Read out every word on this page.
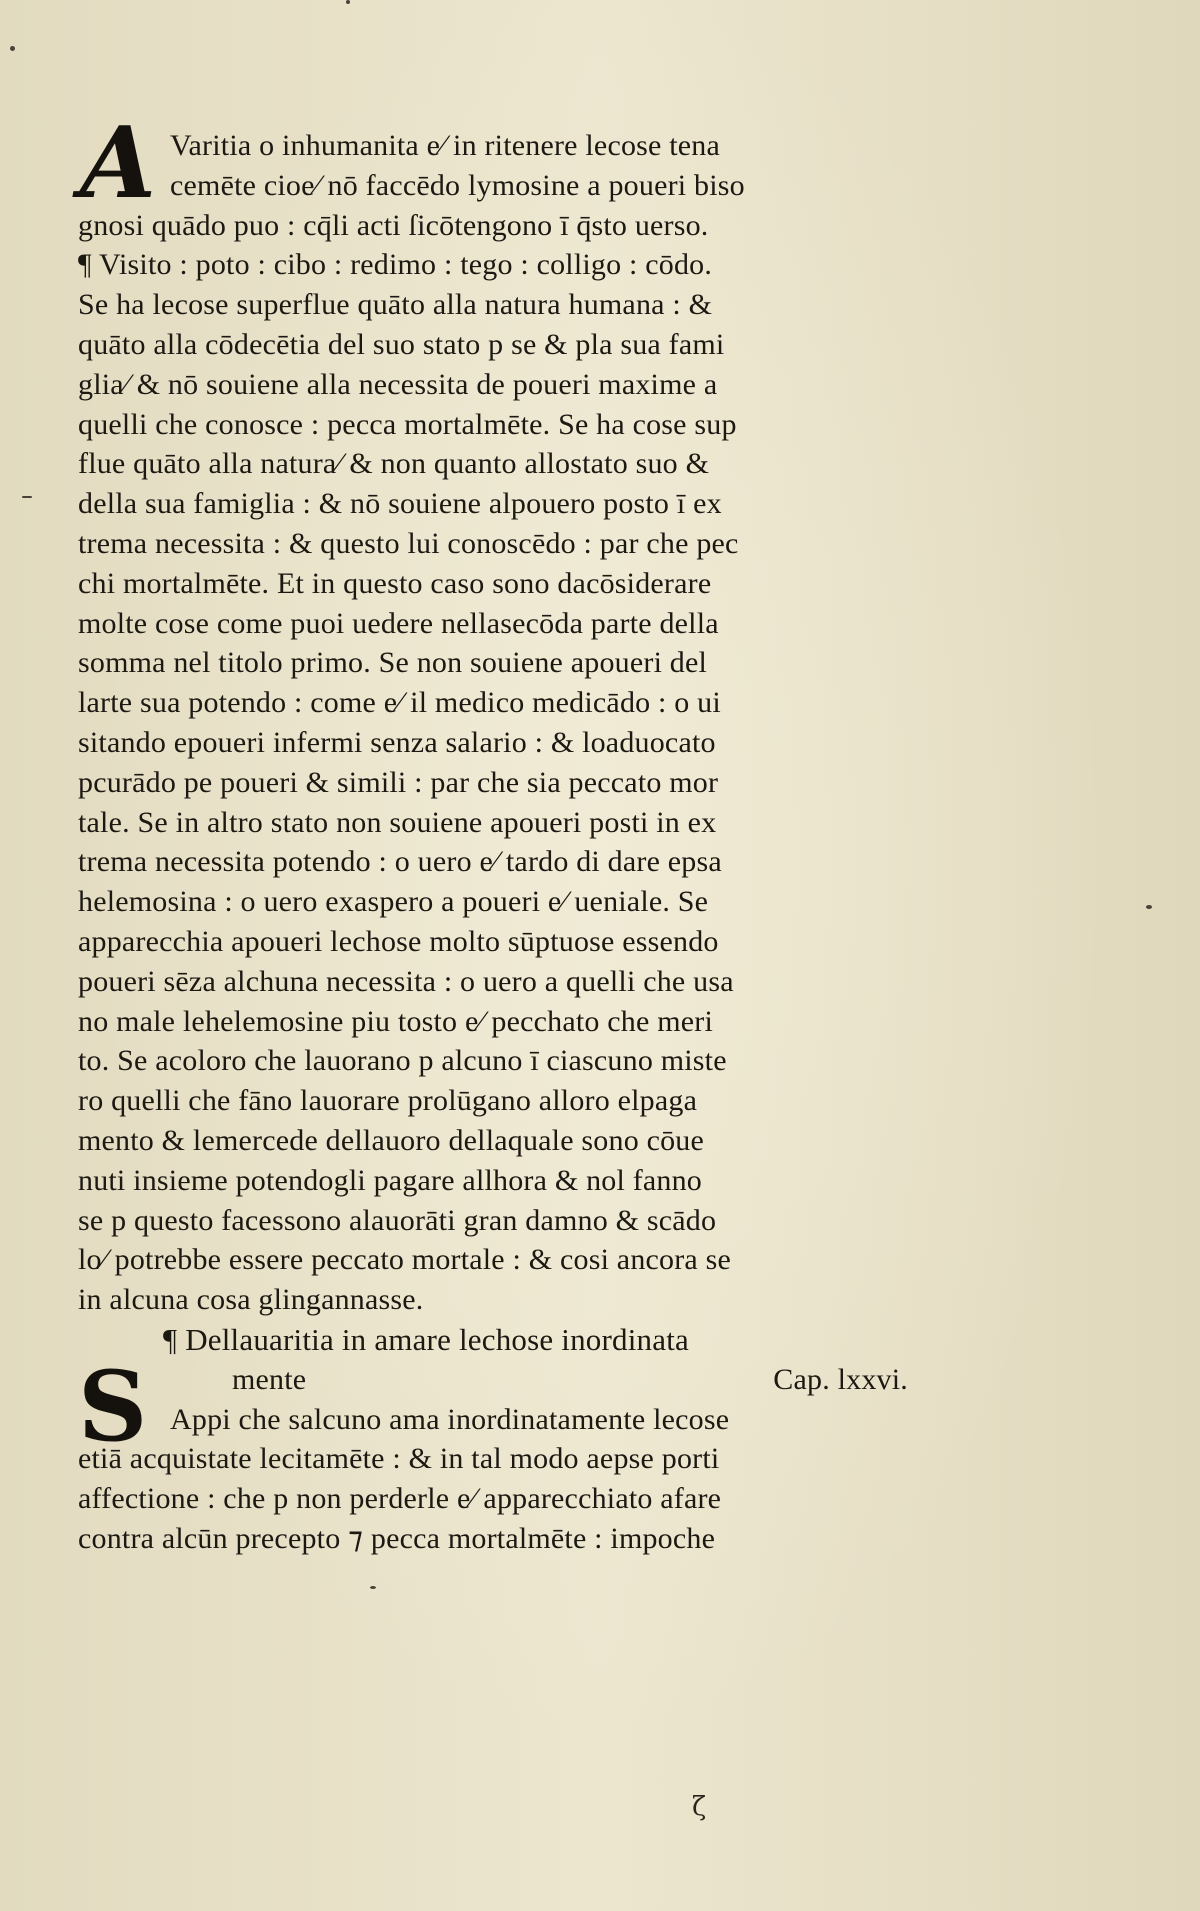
A
S
Varitia o inhumanita e⁄ in ritenere lecose tena
cemēte cioe⁄ nō faccēdo lymosine a poueri biso
gnosi quādo puo : cq̄li acti ſicōtengono ī q̄sto uerso.
¶ Visito : poto : cibo : redimo : tego : colligo : cōdo.
Se ha lecose superflue quāto alla natura humana : &
quāto alla cōdecētia del suo stato p se & pla sua fami
glia⁄ & nō souiene alla necessita de poueri maxime a
quelli che conosce : pecca mortalmēte. Se ha cose sup
flue quāto alla natura⁄ & non quanto allostato suo &
della sua famiglia : & nō souiene alpouero posto ī ex
trema necessita : & questo lui conoscēdo : par che pec
chi mortalmēte. Et in questo caso sono dacōsiderare
molte cose come puoi uedere nellasecōda parte della
somma nel titolo primo. Se non souiene apoueri del
larte sua potendo : come e⁄ il medico medicādo : o ui
sitando epoueri infermi senza salario : & loaduocato
pcurādo pe poueri & simili : par che sia peccato mor
tale. Se in altro stato non souiene apoueri posti in ex
trema necessita potendo : o uero e⁄ tardo di dare epsa
helemosina : o uero exaspero a poueri e⁄ ueniale. Se
apparecchia apoueri lechose molto sūptuose essendo
poueri sēza alchuna necessita : o uero a quelli che usa
no male lehelemosine piu tosto e⁄ pecchato che meri
to. Se acoloro che lauorano p alcuno ī ciascuno miste
ro quelli che fāno lauorare prolūgano alloro elpaga
mento & lemercede dellauoro dellaquale sono cōue
nuti insieme potendogli pagare allhora & nol fanno
se p questo facessono alauorāti gran damno & scādo
lo⁄ potrebbe essere peccato mortale : & cosi ancora se
in alcuna cosa glingannasse.
¶ Dellauaritia in amare lechose inordinata
mente	Cap. lxxvi.
Appi che salcuno ama inordinatamente lecose
etiā acquistate lecitamēte : & in tal modo aepse porti
affectione : che p non perderle e⁄ apparecchiato afare
contra alcūn precepto ⁊ pecca mortalmēte : impoche
ζ
